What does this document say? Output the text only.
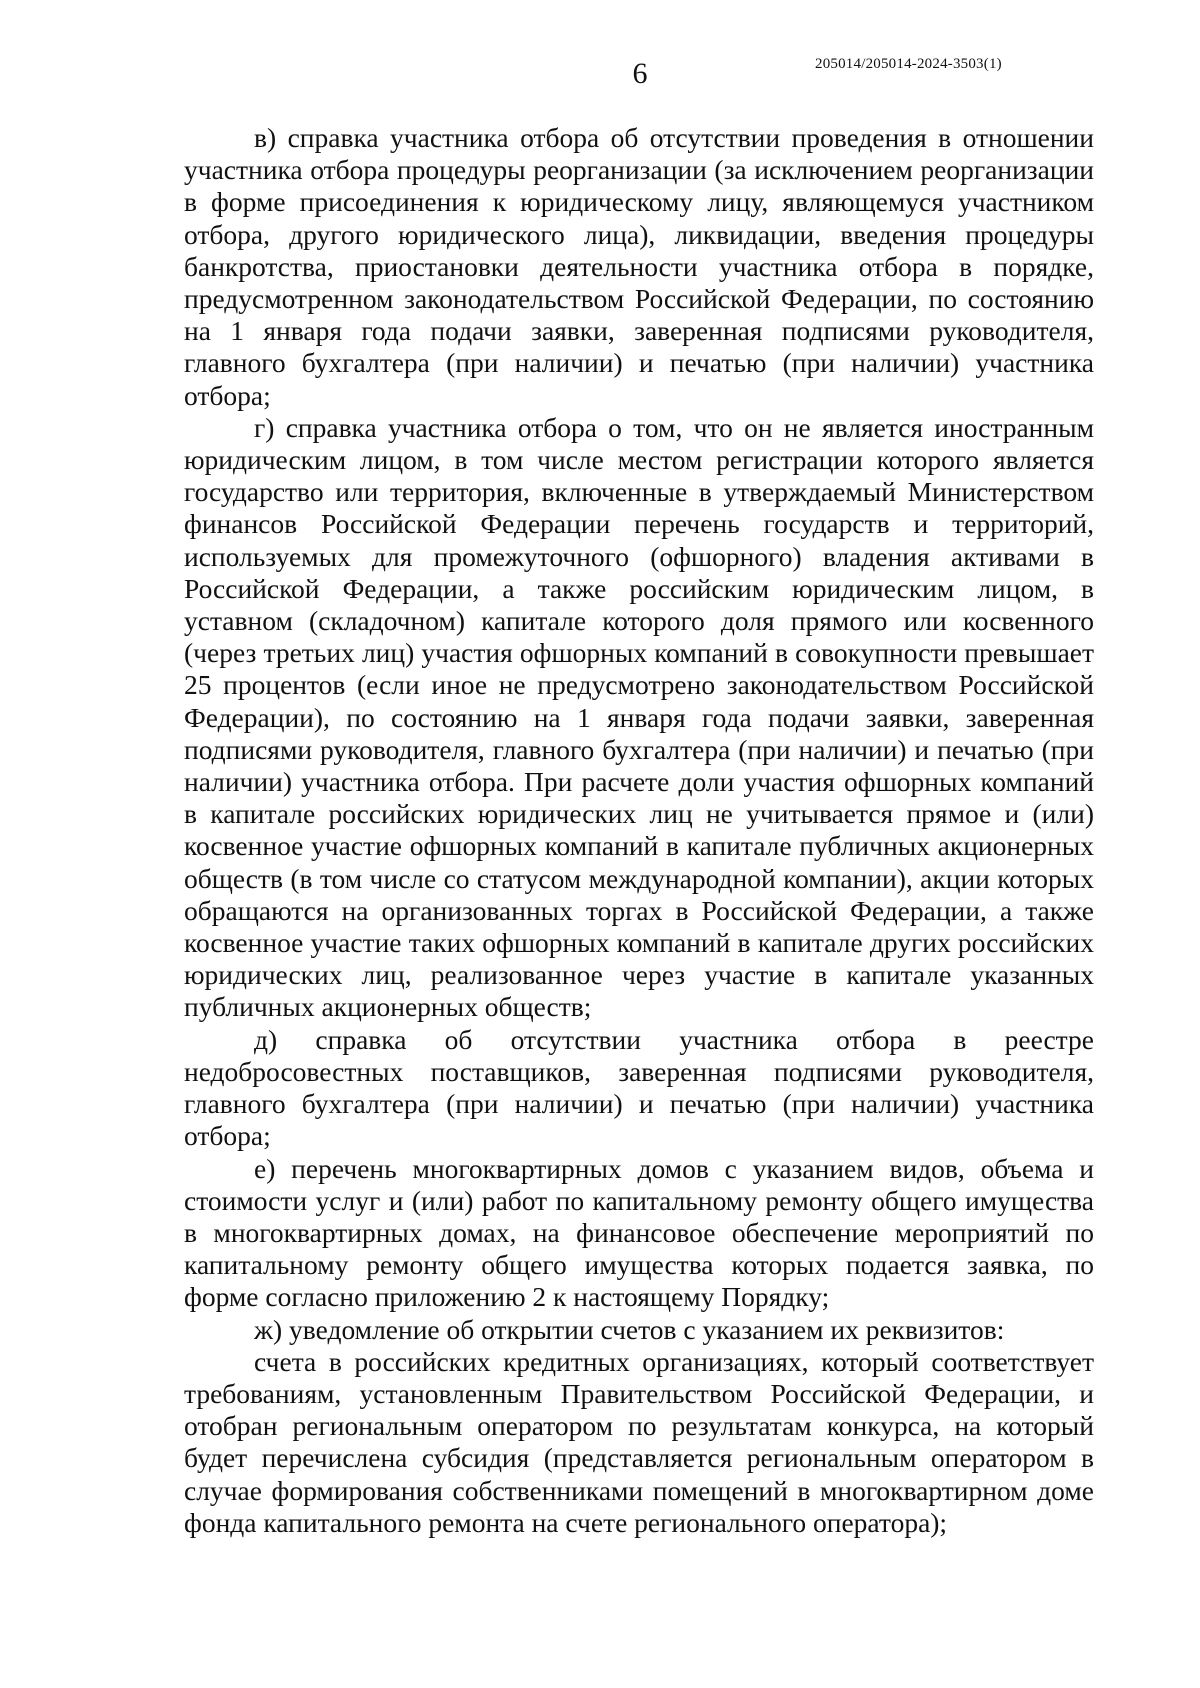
6	205014/205014-2024-3503(1)

в) справка участника отбора об отсутствии проведения в отношении участника отбора процедуры реорганизации (за исключением реорганизации в форме присоединения к юридическому лицу, являющемуся участником отбора, другого юридического лица), ликвидации, введения процедуры банкротства, приостановки деятельности участника отбора в порядке, предусмотренном законодательством Российской Федерации, по состоянию на 1 января года подачи заявки, заверенная подписями руководителя, главного бухгалтера (при наличии) и печатью (при наличии) участника отбора;

г) справка участника отбора о том, что он не является иностранным юридическим лицом, в том числе местом регистрации которого является государство или территория, включенные в утверждаемый Министерством финансов Российской Федерации перечень государств и территорий, используемых для промежуточного (офшорного) владения активами в Российской Федерации, а также российским юридическим лицом, в уставном (складочном) капитале которого доля прямого или косвенного (через третьих лиц) участия офшорных компаний в совокупности превышает 25 процентов (если иное не предусмотрено законодательством Российской Федерации), по состоянию на 1 января года подачи заявки, заверенная подписями руководителя, главного бухгалтера (при наличии) и печатью (при наличии) участника отбора. При расчете доли участия офшорных компаний в капитале российских юридических лиц не учитывается прямое и (или) косвенное участие офшорных компаний в капитале публичных акционерных обществ (в том числе со статусом международной компании), акции которых обращаются на организованных торгах в Российской Федерации, а также косвенное участие таких офшорных компаний в капитале других российских юридических лиц, реализованное через участие в капитале указанных публичных акционерных обществ;

д) справка об отсутствии участника отбора в реестре недобросовестных поставщиков, заверенная подписями руководителя, главного бухгалтера (при наличии) и печатью (при наличии) участника отбора;

е) перечень многоквартирных домов с указанием видов, объема и стоимости услуг и (или) работ по капитальному ремонту общего имущества в многоквартирных домах, на финансовое обеспечение мероприятий по капитальному ремонту общего имущества которых подается заявка, по форме согласно приложению 2 к настоящему Порядку;

ж) уведомление об открытии счетов с указанием их реквизитов:

счета в российских кредитных организациях, который соответствует требованиям, установленным Правительством Российской Федерации, и отобран региональным оператором по результатам конкурса, на который будет перечислена субсидия (представляется региональным оператором в случае формирования собственниками помещений в многоквартирном доме фонда капитального ремонта на счете регионального оператора);
